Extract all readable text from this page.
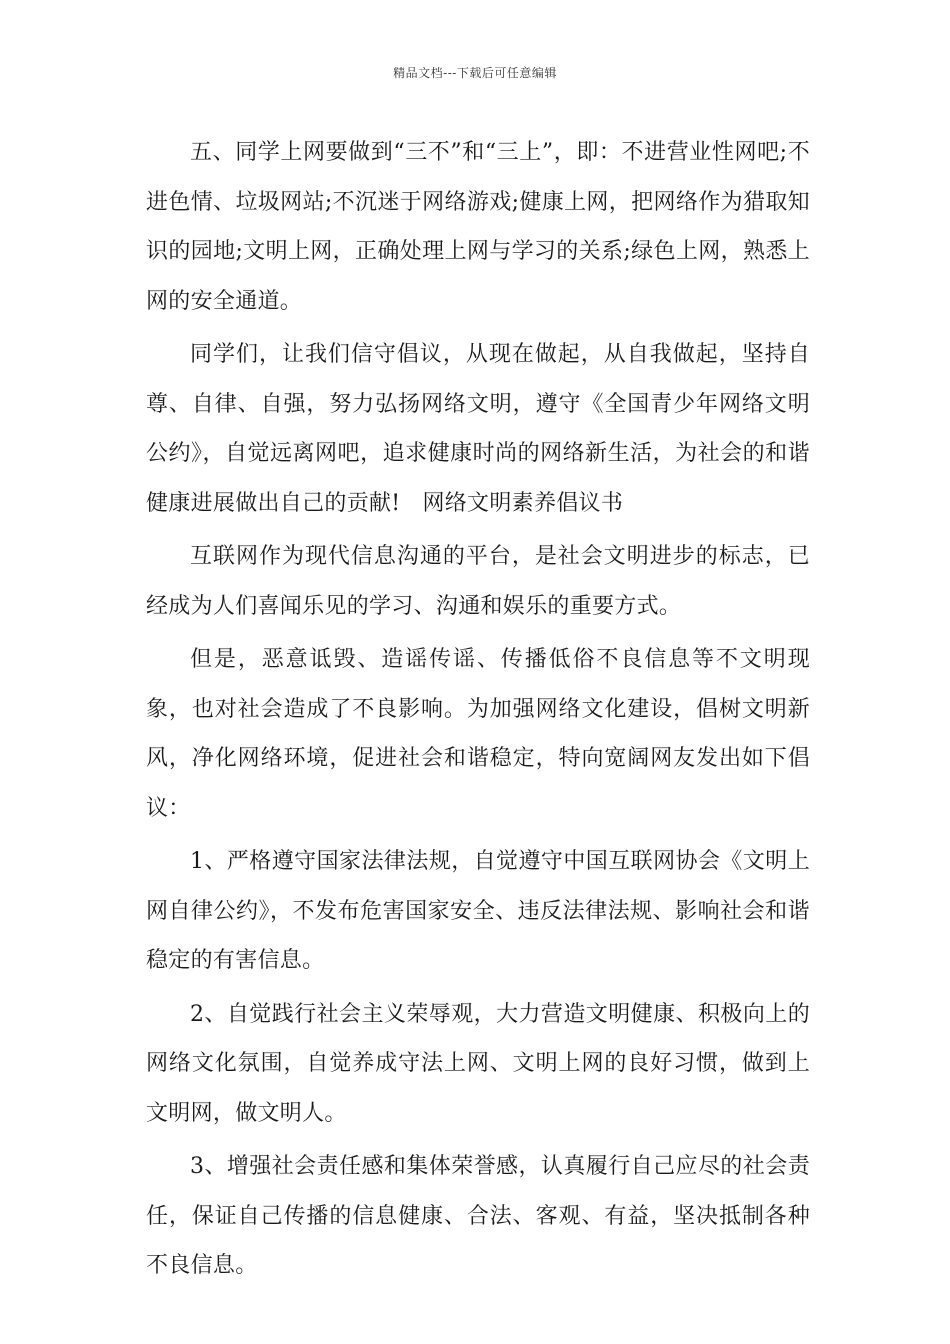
精品文档---下载后可任意编辑

五、同学上网要做到“三不”和“三上”，即：不进营业性网吧;不进色情、垃圾网站;不沉迷于网络游戏;健康上网，把网络作为猎取知识的园地;文明上网，正确处理上网与学习的关系;绿色上网，熟悉上网的安全通道。

同学们，让我们信守倡议，从现在做起，从自我做起，坚持自尊、自律、自强，努力弘扬网络文明，遵守《全国青少年网络文明公约》，自觉远离网吧，追求健康时尚的网络新生活，为社会的和谐健康进展做出自己的贡献! 网络文明素养倡议书

互联网作为现代信息沟通的平台，是社会文明进步的标志，已经成为人们喜闻乐见的学习、沟通和娱乐的重要方式。

但是，恶意诋毁、造谣传谣、传播低俗不良信息等不文明现象，也对社会造成了不良影响。为加强网络文化建设，倡树文明新风，净化网络环境，促进社会和谐稳定，特向宽阔网友发出如下倡议：

1、严格遵守国家法律法规，自觉遵守中国互联网协会《文明上网自律公约》，不发布危害国家安全、违反法律法规、影响社会和谐稳定的有害信息。

2、自觉践行社会主义荣辱观，大力营造文明健康、积极向上的网络文化氛围，自觉养成守法上网、文明上网的良好习惯，做到上文明网，做文明人。

3、增强社会责任感和集体荣誉感，认真履行自己应尽的社会责任，保证自己传播的信息健康、合法、客观、有益，坚决抵制各种不良信息。
